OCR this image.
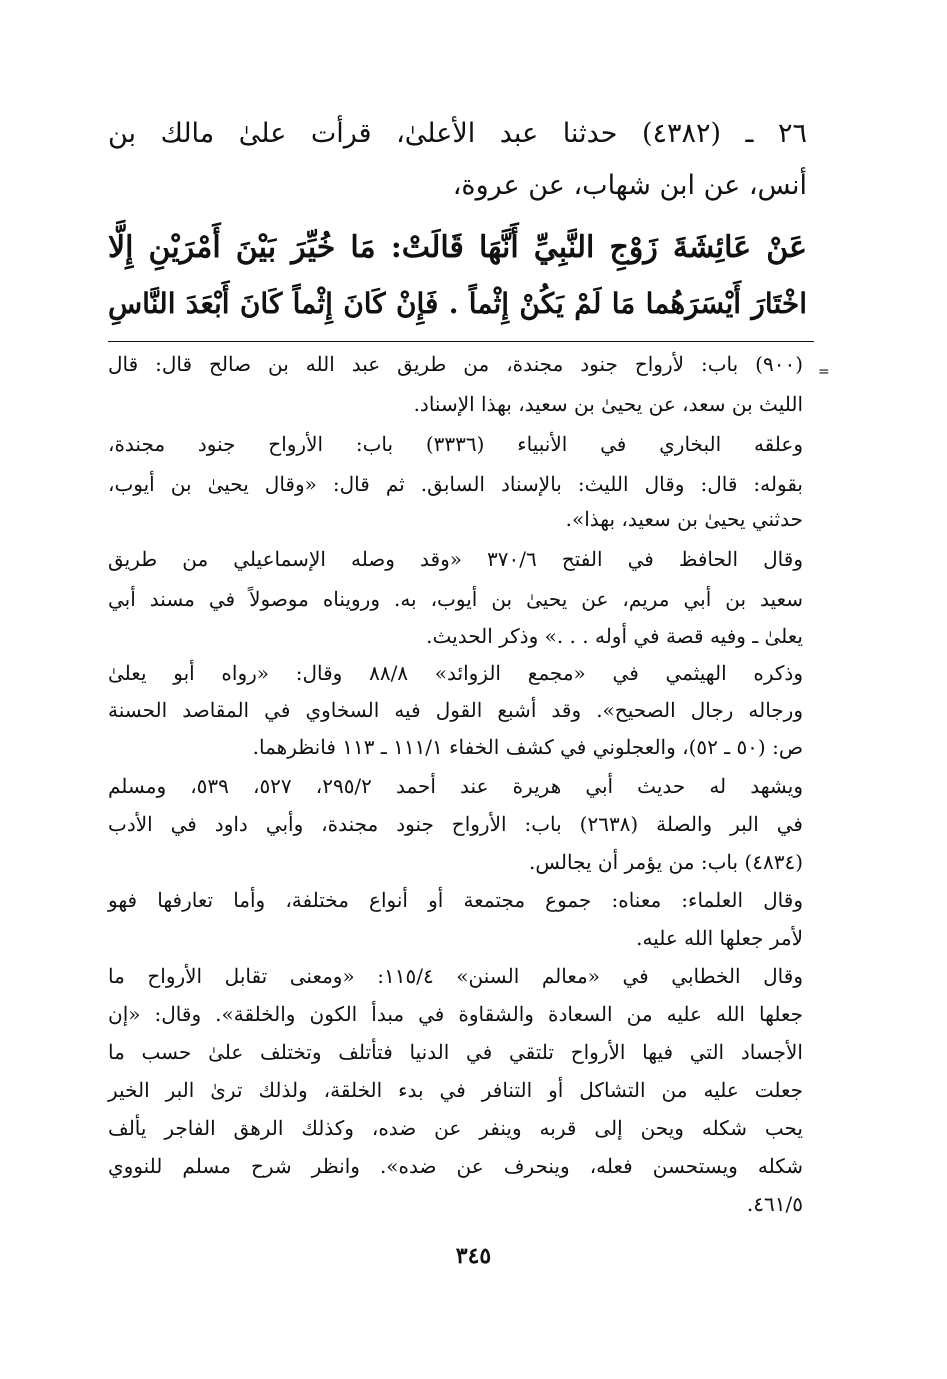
٢٦ ـ (٤٣٨٢) حدثنا عبد الأعلىٰ، قرأت علىٰ مالك بن
أنس، عن ابن شهاب، عن عروة،
عَنْ عَائِشَةَ زَوْجِ النَّبِيِّ أَنَّهَا قَالَتْ: مَا خُيِّرَ بَيْنَ أَمْرَيْنِ إِلَّا
اخْتَارَ أَيْسَرَهُما مَا لَمْ يَكُنْ إِثْماً . فَإِنْ كَانَ إِثْماً كَانَ أَبْعَدَ النَّاسِ
=
(٩٠٠) باب: لأرواح جنود مجندة، من طريق عبد الله بن صالح قال: قال
الليث بن سعد، عن يحيىٰ بن سعيد، بهذا الإسناد.
وعلقه البخاري في الأنبياء (٣٣٣٦) باب: الأرواح جنود مجندة،
بقوله: قال: وقال الليث: بالإسناد السابق. ثم قال: «وقال يحيىٰ بن أيوب،
حدثني يحيىٰ بن سعيد، بهذا».
وقال الحافظ في الفتح ٣٧٠/٦ «وقد وصله الإسماعيلي من طريق
سعيد بن أبي مريم، عن يحيىٰ بن أيوب، به. ورويناه موصولاً في مسند أبي
يعلىٰ ـ وفيه قصة في أوله . . .» وذكر الحديث.
وذكره الهيثمي في «مجمع الزوائد» ٨٨/٨ وقال: «رواه أبو يعلىٰ
ورجاله رجال الصحيح». وقد أشبع القول فيه السخاوي في المقاصد الحسنة
ص: (٥٠ ـ ٥٢)، والعجلوني في كشف الخفاء ١١١/١ ـ ١١٣ فانظرهما.
ويشهد له حديث أبي هريرة عند أحمد ٢٩٥/٢، ٥٢٧، ٥٣٩، ومسلم
في البر والصلة (٢٦٣٨) باب: الأرواح جنود مجندة، وأبي داود في الأدب
(٤٨٣٤) باب: من يؤمر أن يجالس.
وقال العلماء: معناه: جموع مجتمعة أو أنواع مختلفة، وأما تعارفها فهو
لأمر جعلها الله عليه.
وقال الخطابي في «معالم السنن» ١١٥/٤: «ومعنى تقابل الأرواح ما
جعلها الله عليه من السعادة والشقاوة في مبدأ الكون والخلقة». وقال: «إن
الأجساد التي فيها الأرواح تلتقي في الدنيا فتأتلف وتختلف علىٰ حسب ما
جعلت عليه من التشاكل أو التنافر في بدء الخلقة، ولذلك ترىٰ البر الخير
يحب شكله ويحن إلى قربه وينفر عن ضده، وكذلك الرهق الفاجر يألف
شكله ويستحسن فعله، وينحرف عن ضده». وانظر شرح مسلم للنووي
٤٦١/٥.
٣٤٥
